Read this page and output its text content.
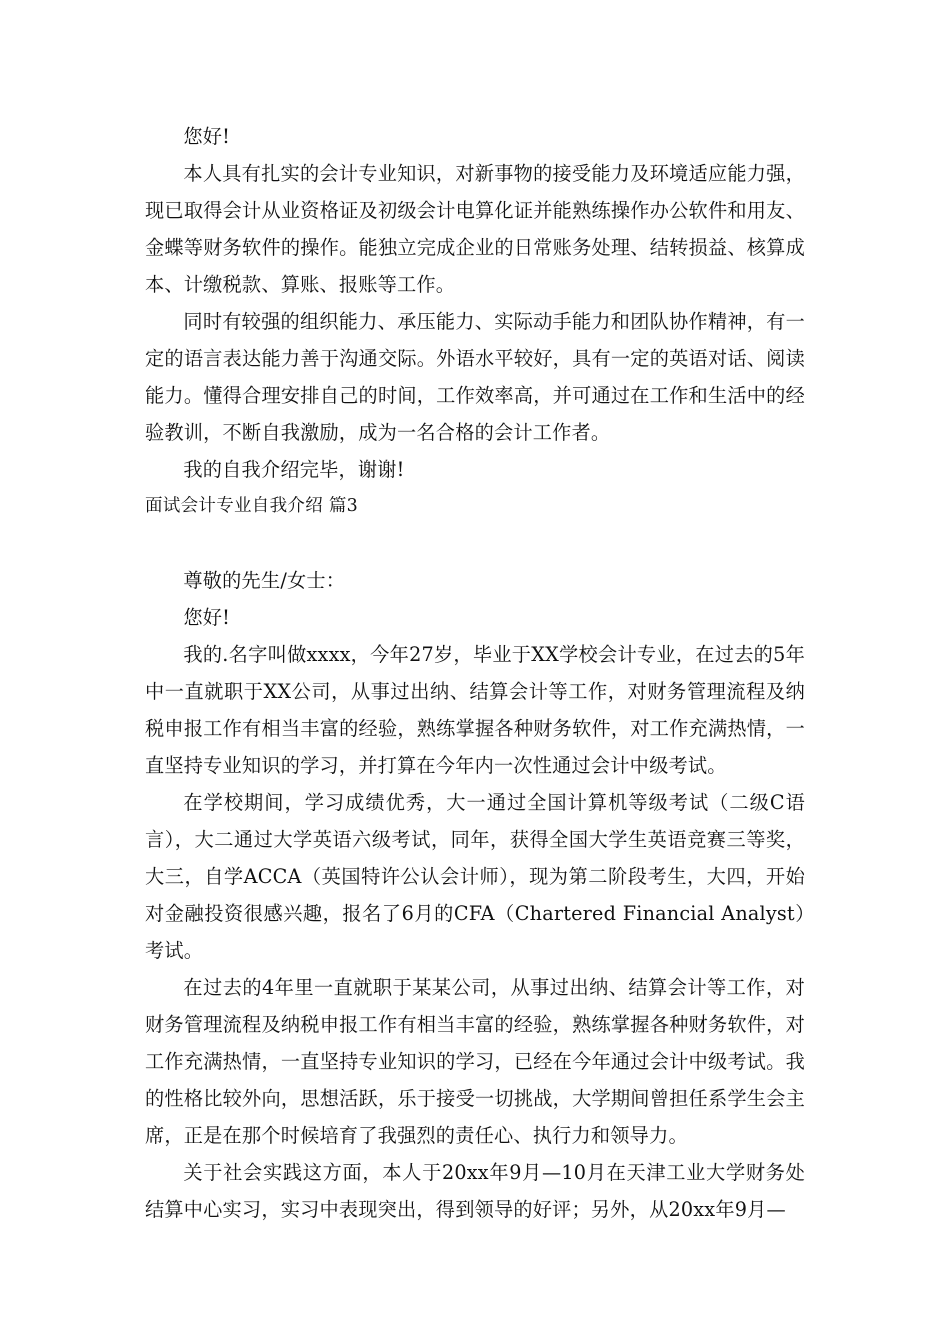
您好!

本人具有扎实的会计专业知识，对新事物的接受能力及环境适应能力强，现已取得会计从业资格证及初级会计电算化证并能熟练操作办公软件和用友、金蝶等财务软件的操作。能独立完成企业的日常账务处理、结转损益、核算成本、计缴税款、算账、报账等工作。

同时有较强的组织能力、承压能力、实际动手能力和团队协作精神，有一定的语言表达能力善于沟通交际。外语水平较好，具有一定的英语对话、阅读能力。懂得合理安排自己的时间，工作效率高，并可通过在工作和生活中的经验教训，不断自我激励，成为一名合格的会计工作者。

我的自我介绍完毕，谢谢!

面试会计专业自我介绍 篇3

尊敬的先生/女士：

您好!

我的.名字叫做xxxx，今年27岁，毕业于XX学校会计专业，在过去的5年中一直就职于XX公司，从事过出纳、结算会计等工作，对财务管理流程及纳税申报工作有相当丰富的经验，熟练掌握各种财务软件，对工作充满热情，一直坚持专业知识的学习，并打算在今年内一次性通过会计中级考试。

在学校期间，学习成绩优秀，大一通过全国计算机等级考试（二级C语言），大二通过大学英语六级考试，同年，获得全国大学生英语竞赛三等奖，大三，自学ACCA（英国特许公认会计师），现为第二阶段考生，大四，开始对金融投资很感兴趣，报名了6月的CFA（Chartered Financial Analyst）考试。

在过去的4年里一直就职于某某公司，从事过出纳、结算会计等工作，对财务管理流程及纳税申报工作有相当丰富的经验，熟练掌握各种财务软件，对工作充满热情，一直坚持专业知识的学习，已经在今年通过会计中级考试。我的性格比较外向，思想活跃，乐于接受一切挑战，大学期间曾担任系学生会主席，正是在那个时候培育了我强烈的责任心、执行力和领导力。

关于社会实践这方面，本人于20xx年9月—10月在天津工业大学财务处结算中心实习，实习中表现突出，得到领导的好评；另外，从20xx年9月—
